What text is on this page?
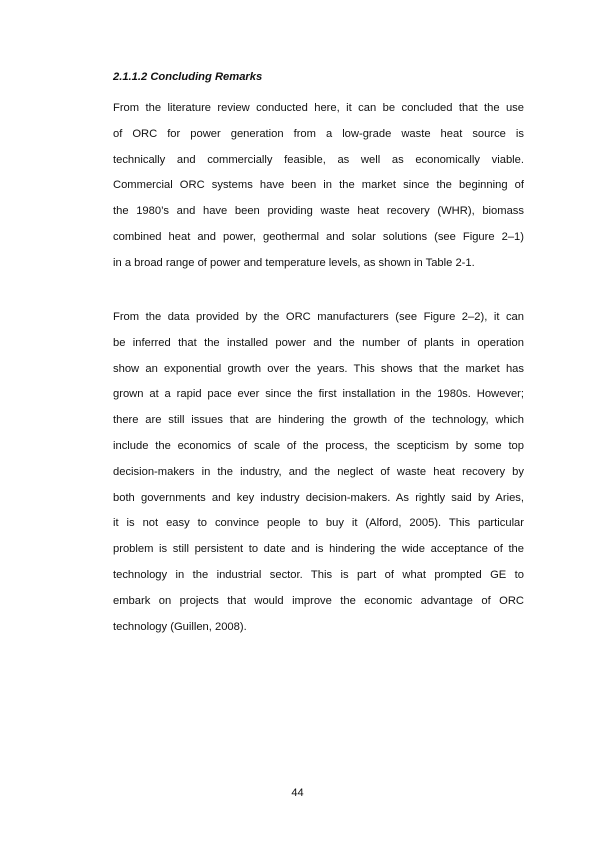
2.1.1.2 Concluding Remarks
From the literature review conducted here, it can be concluded that the use
of ORC for power generation from a low-grade waste heat source is
technically and commercially feasible, as well as economically viable.
Commercial ORC systems have been in the market since the beginning of
the 1980’s and have been providing waste heat recovery (WHR), biomass
combined heat and power, geothermal and solar solutions (see Figure 2–1)
in a broad range of power and temperature levels, as shown in Table 2-1.
From the data provided by the ORC manufacturers (see Figure 2–2), it can
be inferred that the installed power and the number of plants in operation
show an exponential growth over the years. This shows that the market has
grown at a rapid pace ever since the first installation in the 1980s. However;
there are still issues that are hindering the growth of the technology, which
include the economics of scale of the process, the scepticism by some top
decision-makers in the industry, and the neglect of waste heat recovery by
both governments and key industry decision-makers. As rightly said by Aries,
it is not easy to convince people to buy it (Alford, 2005). This particular
problem is still persistent to date and is hindering the wide acceptance of the
technology in the industrial sector. This is part of what prompted GE to
embark on projects that would improve the economic advantage of ORC
technology (Guillen, 2008).
44
